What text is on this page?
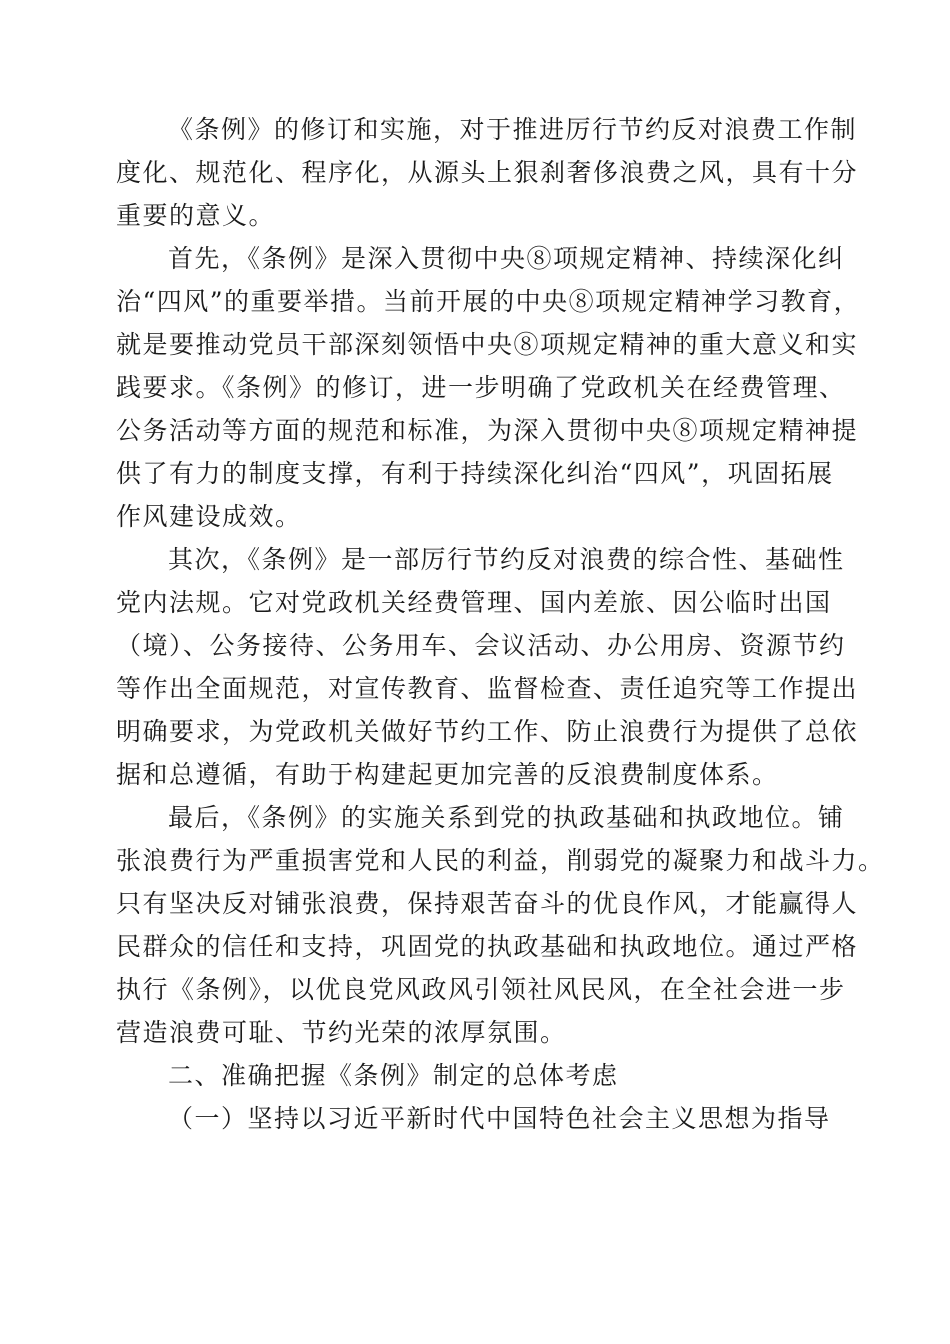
《条例》的修订和实施，对于推进厉行节约反对浪费工作制
度化、规范化、程序化，从源头上狠刹奢侈浪费之风，具有十分
重要的意义。
首先，《条例》是深入贯彻中央⑧项规定精神、持续深化纠
治“四风”的重要举措。当前开展的中央⑧项规定精神学习教育，
就是要推动党员干部深刻领悟中央⑧项规定精神的重大意义和实
践要求。《条例》的修订，进一步明确了党政机关在经费管理、
公务活动等方面的规范和标准，为深入贯彻中央⑧项规定精神提
供了有力的制度支撑，有利于持续深化纠治“四风”，巩固拓展
作风建设成效。
其次，《条例》是一部厉行节约反对浪费的综合性、基础性
党内法规。它对党政机关经费管理、国内差旅、因公临时出国
（境）、公务接待、公务用车、会议活动、办公用房、资源节约
等作出全面规范，对宣传教育、监督检查、责任追究等工作提出
明确要求，为党政机关做好节约工作、防止浪费行为提供了总依
据和总遵循，有助于构建起更加完善的反浪费制度体系。
最后，《条例》的实施关系到党的执政基础和执政地位。铺
张浪费行为严重损害党和人民的利益，削弱党的凝聚力和战斗力。
只有坚决反对铺张浪费，保持艰苦奋斗的优良作风，才能赢得人
民群众的信任和支持，巩固党的执政基础和执政地位。通过严格
执行《条例》，以优良党风政风引领社风民风，在全社会进一步
营造浪费可耻、节约光荣的浓厚氛围。
二、准确把握《条例》制定的总体考虑
（一）坚持以习近平新时代中国特色社会主义思想为指导
